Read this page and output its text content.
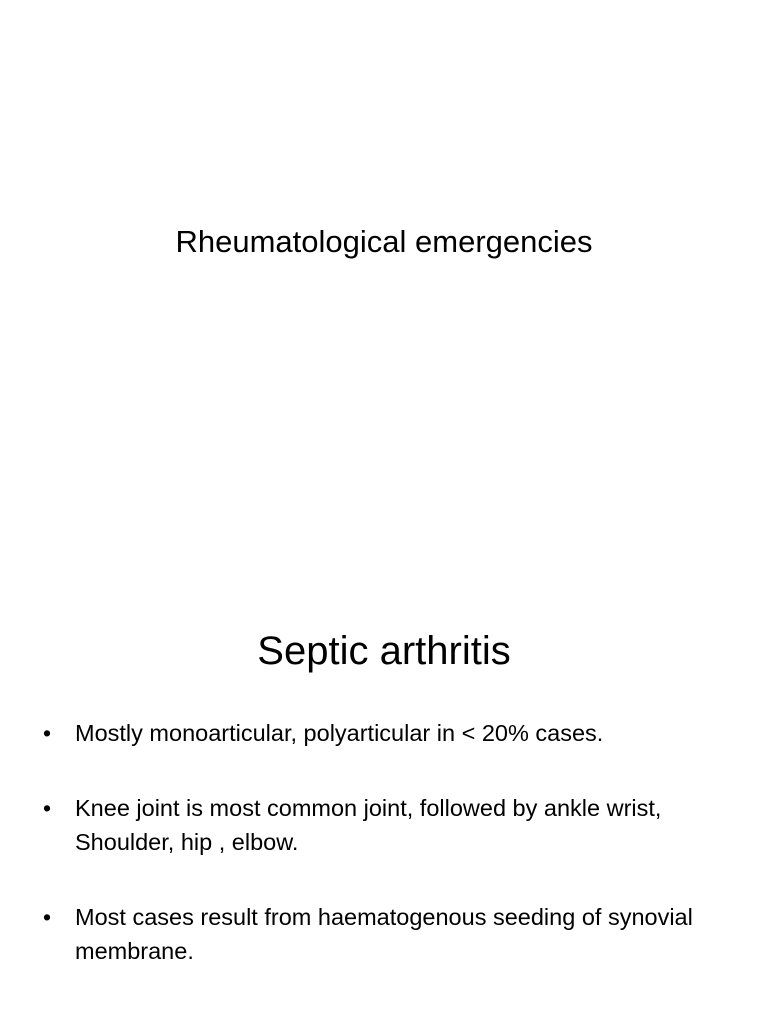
Rheumatological emergencies
Septic arthritis
• Mostly monoarticular, polyarticular in < 20% cases.
• Knee joint is most common joint, followed by ankle wrist, Shoulder, hip , elbow.
• Most cases result from haematogenous seeding of synovial membrane.
